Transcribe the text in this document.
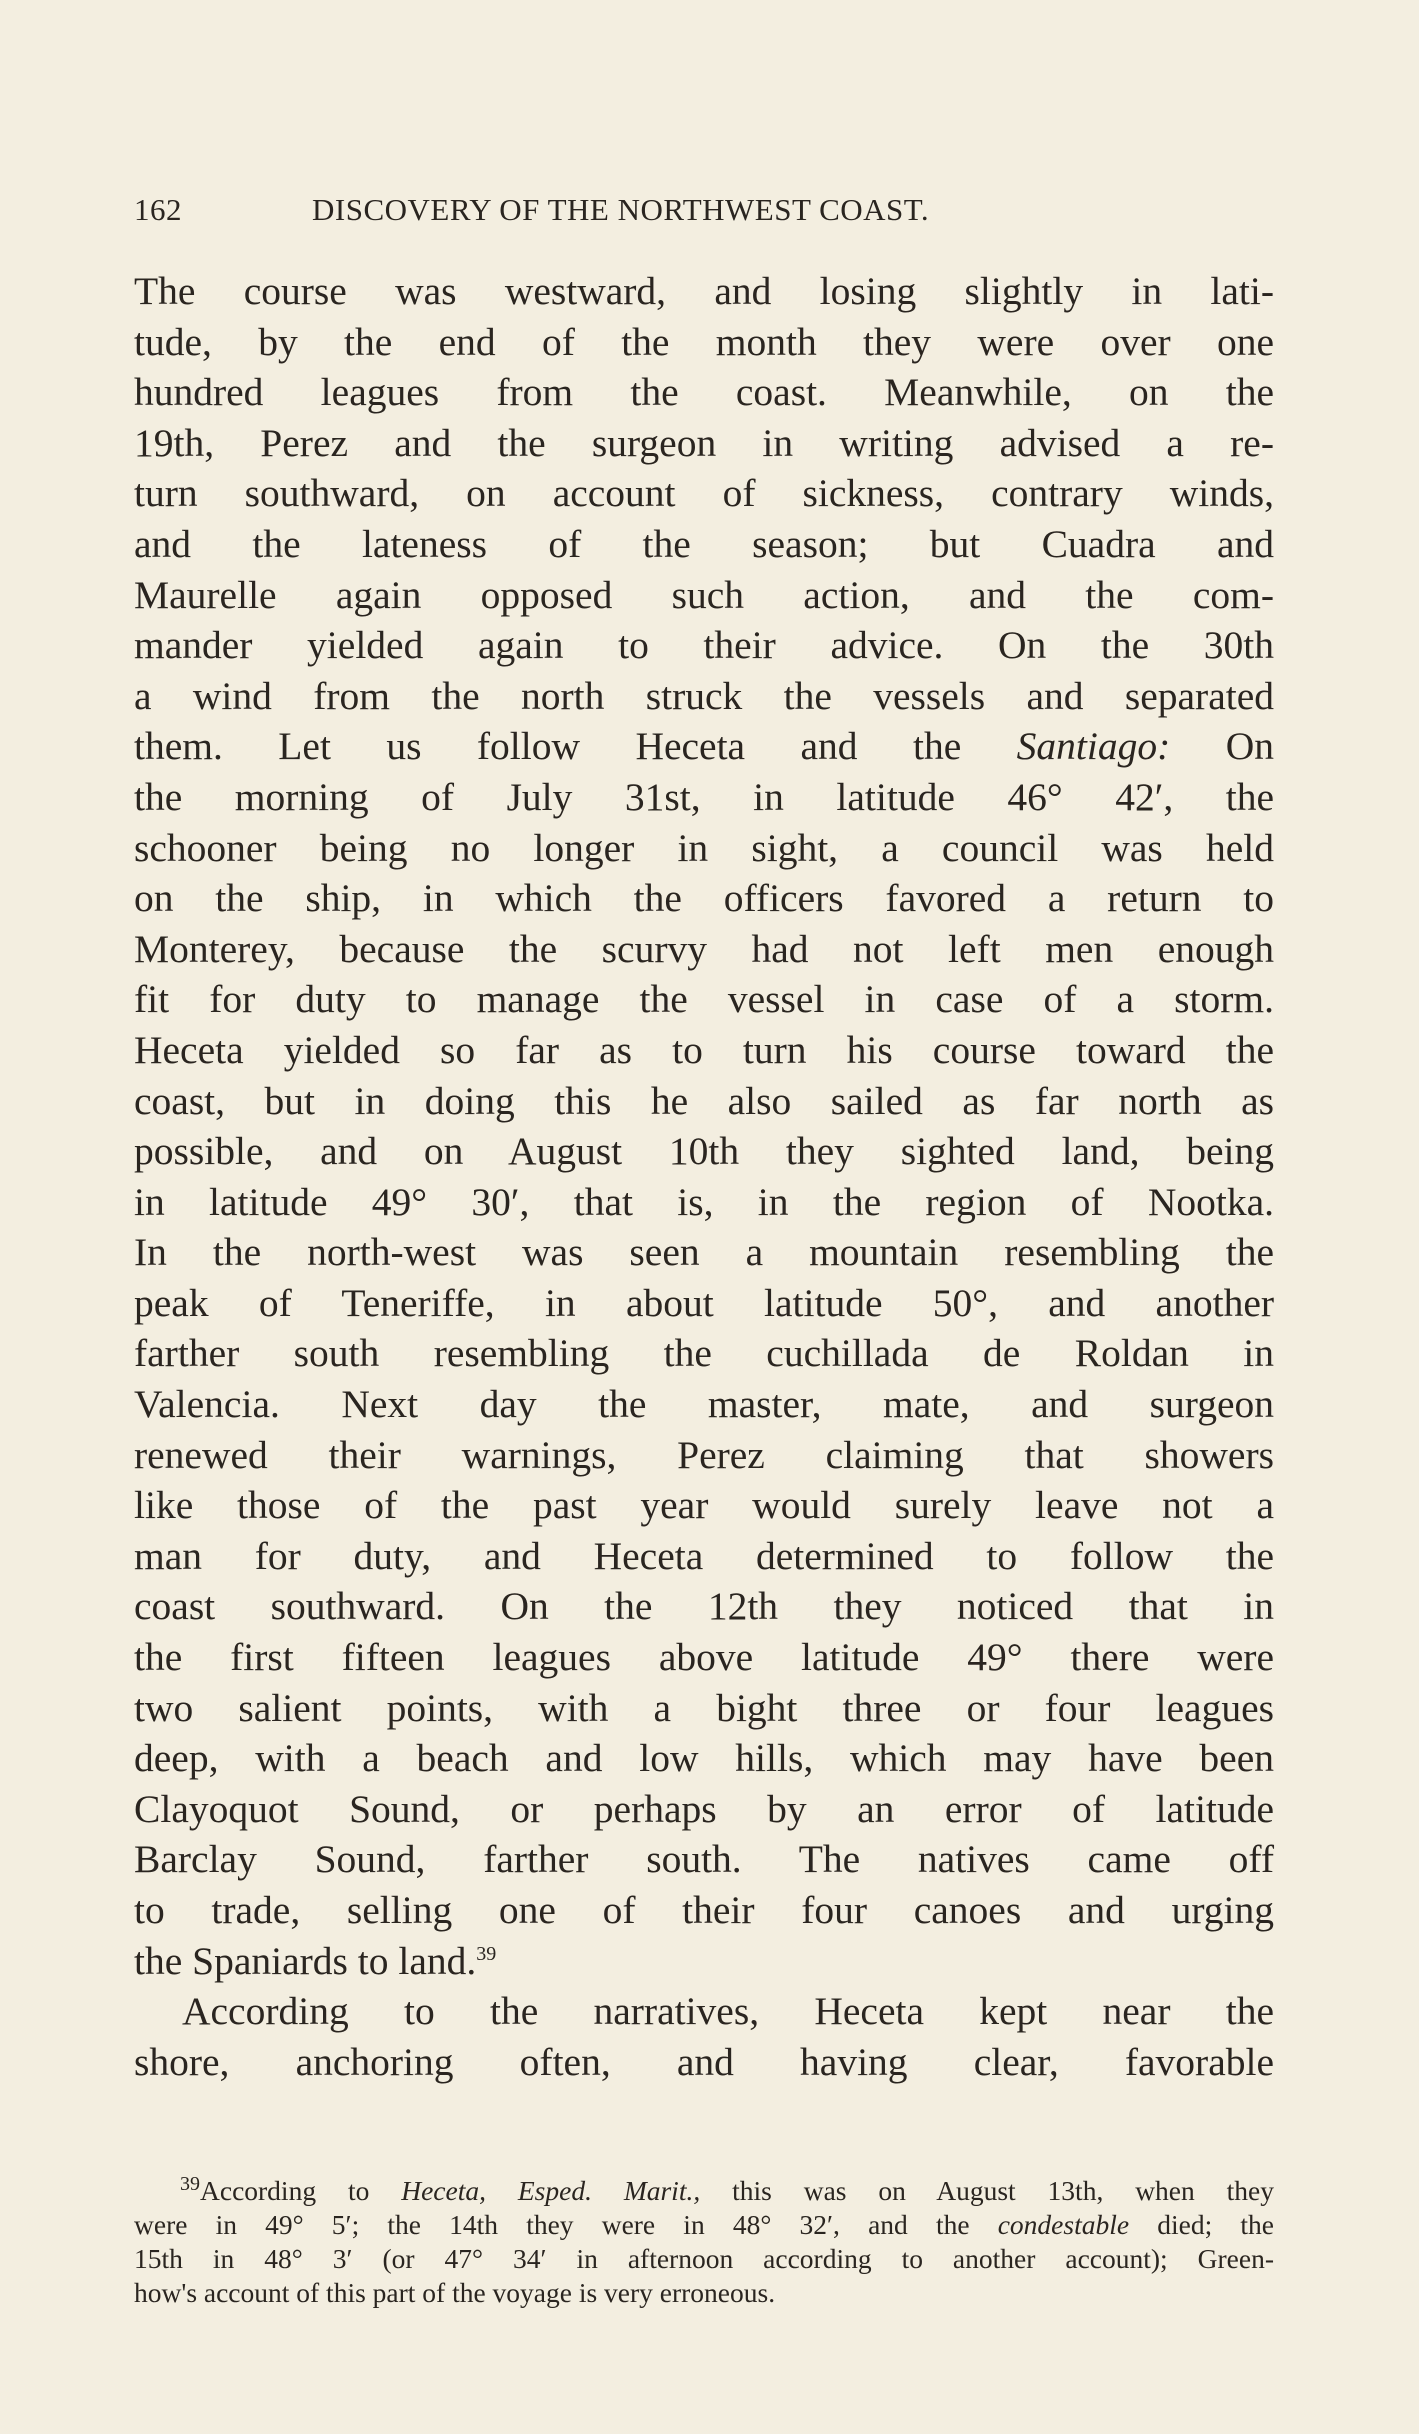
162	DISCOVERY OF THE NORTHWEST COAST.
The course was westward, and losing slightly in lati-
tude, by the end of the month they were over one
hundred leagues from the coast. Meanwhile, on the
19th, Perez and the surgeon in writing advised a re-
turn southward, on account of sickness, contrary winds,
and the lateness of the season; but Cuadra and
Maurelle again opposed such action, and the com-
mander yielded again to their advice. On the 30th
a wind from the north struck the vessels and separated
them. Let us follow Heceta and the Santiago: On
the morning of July 31st, in latitude 46° 42′, the
schooner being no longer in sight, a council was held
on the ship, in which the officers favored a return to
Monterey, because the scurvy had not left men enough
fit for duty to manage the vessel in case of a storm.
Heceta yielded so far as to turn his course toward the
coast, but in doing this he also sailed as far north as
possible, and on August 10th they sighted land, being
in latitude 49° 30′, that is, in the region of Nootka.
In the north-west was seen a mountain resembling the
peak of Teneriffe, in about latitude 50°, and another
farther south resembling the cuchillada de Roldan in
Valencia. Next day the master, mate, and surgeon
renewed their warnings, Perez claiming that showers
like those of the past year would surely leave not a
man for duty, and Heceta determined to follow the
coast southward. On the 12th they noticed that in
the first fifteen leagues above latitude 49° there were
two salient points, with a bight three or four leagues
deep, with a beach and low hills, which may have been
Clayoquot Sound, or perhaps by an error of latitude
Barclay Sound, farther south. The natives came off
to trade, selling one of their four canoes and urging
the Spaniards to land.$^{39}$
According to the narratives, Heceta kept near the
shore, anchoring often, and having clear, favorable
$^{39}$According to Heceta, Esped. Marit., this was on August 13th, when they
were in 49° 5′; the 14th they were in 48° 32′, and the condestable died; the
15th in 48° 3′ (or 47° 34′ in afternoon according to another account); Green-
how's account of this part of the voyage is very erroneous.
